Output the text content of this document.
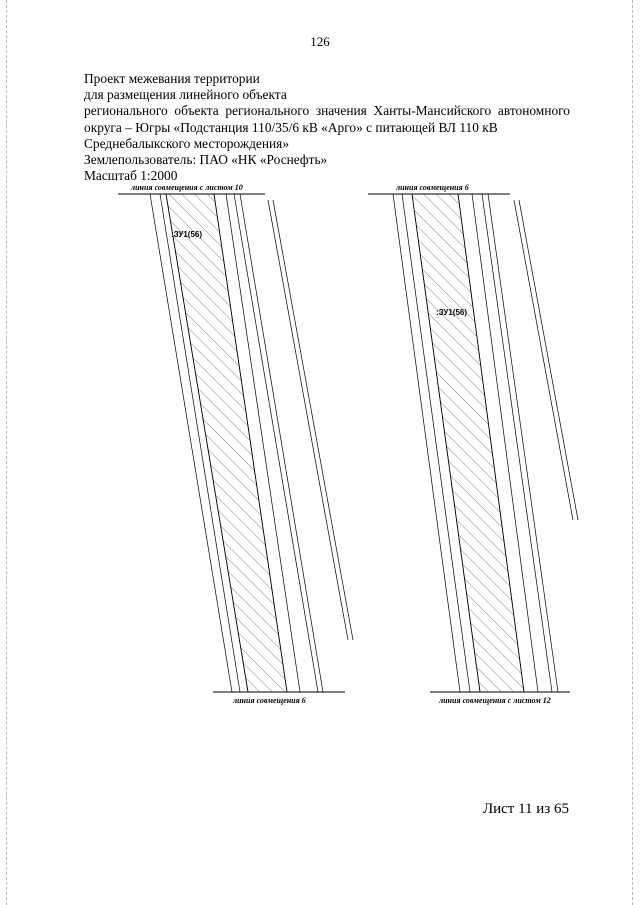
126
Проект межевания территории
для размещения линейного объекта
регионального объекта регионального значения Ханты-Мансийского автономного
округа – Югры «Подстанция 110/35/6 кВ «Арго» с питающей ВЛ 110 кВ
Среднебалыкского месторождения»
Землепользователь: ПАО «НК «Роснефть»
Масштаб 1:2000
линия совмещения с листом 10
линия совмещения 6
:ЗУ1(56)
линия совмещения 6
линия совмещения с листом 12
:ЗУ1(56)
Лист 11 из 65
